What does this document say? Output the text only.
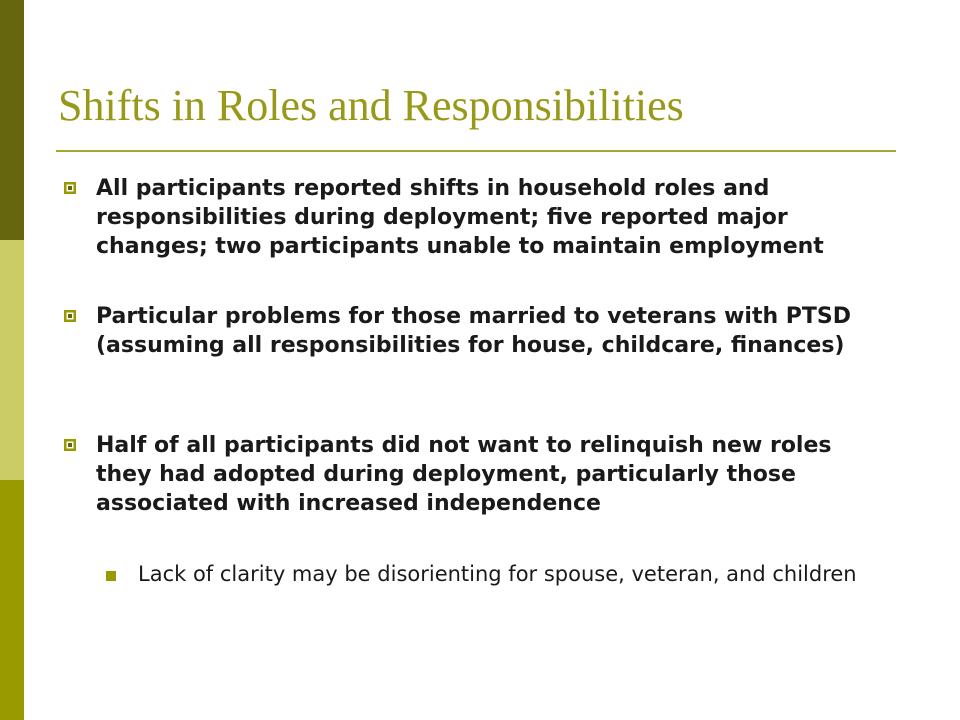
Shifts in Roles and Responsibilities
All participants reported shifts in household roles and responsibilities during deployment; five reported major changes; two participants unable to maintain employment
Particular problems for those married to veterans with PTSD (assuming all responsibilities for house, childcare, finances)
Half of all participants did not want to relinquish new roles they had adopted during deployment, particularly those associated with increased independence
Lack of clarity may be disorienting for spouse, veteran, and children
